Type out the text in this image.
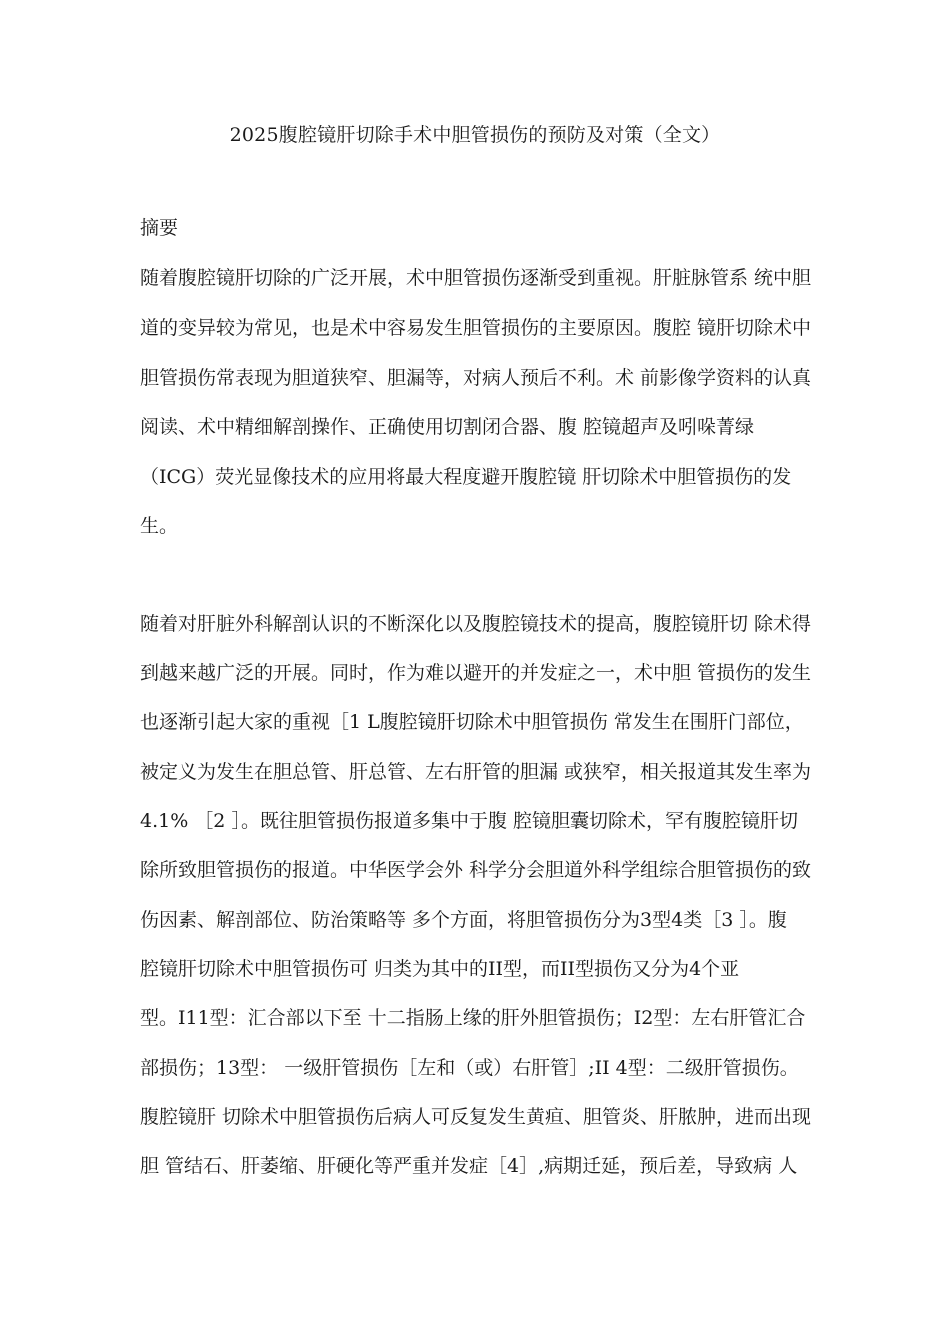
2025腹腔镜肝切除手术中胆管损伤的预防及对策（全文）
摘要
随着腹腔镜肝切除的广泛开展，术中胆管损伤逐渐受到重视。肝脏脉管系 统中胆
道的变异较为常见，也是术中容易发生胆管损伤的主要原因。腹腔 镜肝切除术中
胆管损伤常表现为胆道狭窄、胆漏等，对病人预后不利。术 前影像学资料的认真
阅读、术中精细解剖操作、正确使用切割闭合器、腹 腔镜超声及吲哚菁绿
（ICG）荧光显像技术的应用将最大程度避开腹腔镜 肝切除术中胆管损伤的发
生。
随着对肝脏外科解剖认识的不断深化以及腹腔镜技术的提高，腹腔镜肝切 除术得
到越来越广泛的开展。同时，作为难以避开的并发症之一，术中胆 管损伤的发生
也逐渐引起大家的重视［1 L腹腔镜肝切除术中胆管损伤 常发生在围肝门部位，
被定义为发生在胆总管、肝总管、左右肝管的胆漏 或狭窄，相关报道其发生率为
4.1% ［2 ］。既往胆管损伤报道多集中于腹 腔镜胆囊切除术，罕有腹腔镜肝切
除所致胆管损伤的报道。中华医学会外 科学分会胆道外科学组综合胆管损伤的致
伤因素、解剖部位、防治策略等 多个方面，将胆管损伤分为3型4类［3 ］。腹
腔镜肝切除术中胆管损伤可 归类为其中的II型，而II型损伤又分为4个亚
型。I11型：汇合部以下至 十二指肠上缘的肝外胆管损伤；I2型：左右肝管汇合
部损伤；13型： 一级肝管损伤［左和（或）右肝管］;II 4型：二级肝管损伤。
腹腔镜肝 切除术中胆管损伤后病人可反复发生黄疸、胆管炎、肝脓肿，进而出现
胆 管结石、肝萎缩、肝硬化等严重并发症［4］,病期迁延，预后差，导致病 人
